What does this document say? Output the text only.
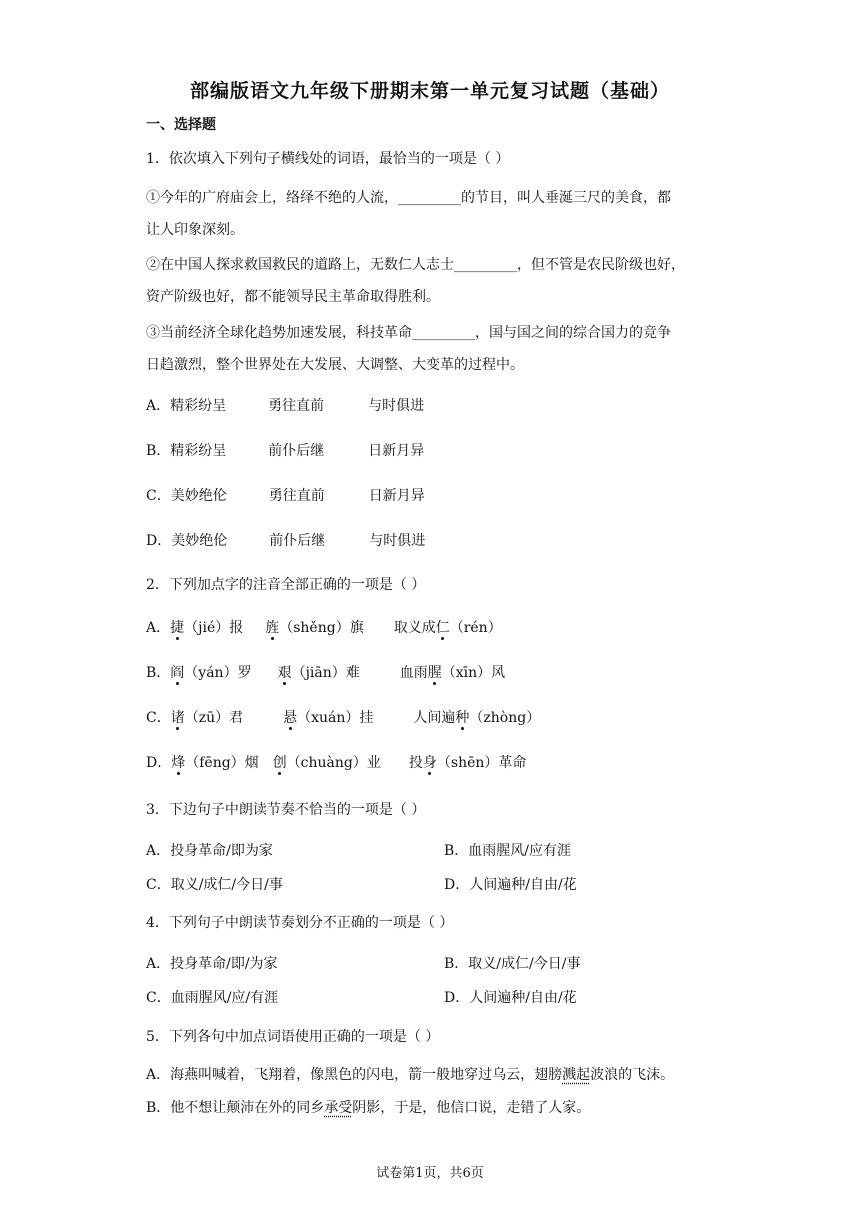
部编版语文九年级下册期末第一单元复习试题（基础）
一、选择题
1．依次填入下列句子横线处的词语，最恰当的一项是（ ）
①今年的广府庙会上，络绎不绝的人流，_________的节目，叫人垂涎三尺的美食，都
让人印象深刻。
②在中国人探求救国救民的道路上，无数仁人志士_________，但不管是农民阶级也好，
资产阶级也好，都不能领导民主革命取得胜利。
③当前经济全球化趋势加速发展，科技革命_________，国与国之间的综合国力的竞争
日趋激烈，整个世界处在大发展、大调整、大变革的过程中。
A．精彩纷呈	勇往直前	与时俱进
B．精彩纷呈	前仆后继	日新月异
C．美妙绝伦	勇往直前	日新月异
D．美妙绝伦	前仆后继	与时俱进
2．下列加点字的注音全部正确的一项是（ ）
A．捷（jié）报 旌（shěng）旗 取义成仁（rén）
B．阎（yán）罗 艰（jiān）难	血雨腥（xīn）风
C．诸（zū）君	悬（xuán）挂	人间遍种（zhòng）
D．烽（fēng）烟 创（chuàng）业 投身（shēn）革命
3．下边句子中朗读节奏不恰当的一项是（ ）
A．投身革命/即为家	B．血雨腥风/应有涯
C．取义/成仁/今日/事	D．人间遍种/自由/花
4．下列句子中朗读节奏划分不正确的一项是（ ）
A．投身革命/即/为家	B．取义/成仁/今日/事
C．血雨腥风/应/有涯	D．人间遍种/自由/花
5．下列各句中加点词语使用正确的一项是（ ）
A．海燕叫喊着，飞翔着，像黑色的闪电，箭一般地穿过乌云，翅膀溅起波浪的飞沫。
B．他不想让颠沛在外的同乡承受阴影，于是，他信口说，走错了人家。
试卷第1页，共6页
